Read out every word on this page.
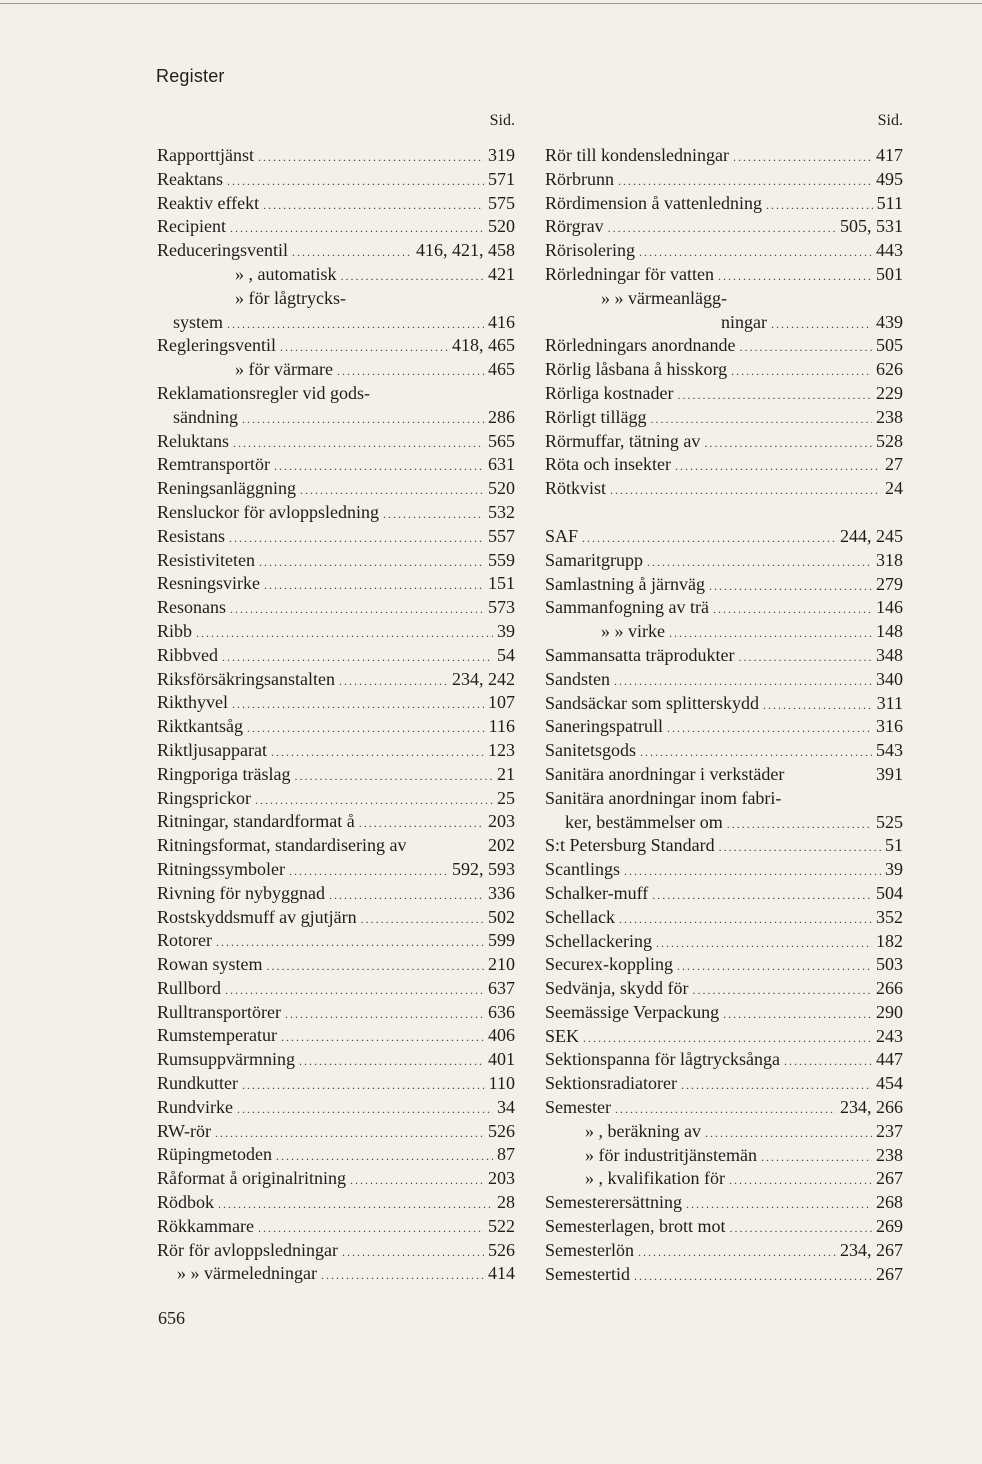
Register
Sid.
Rapporttjänst .....	319
Reaktans .....	571
Reaktiv effekt .....	575
Recipient .....	520
Reduceringsventil .....	416, 421, 458
» , automatisk .....	421
» för lågtrycks-
system .....	416
Regleringsventil .....	418, 465
» för värmare .....	465
Reklamationsregler vid gods-
sändning .....	286
Reluktans .....	565
Remtransportör .....	631
Reningsanläggning .....	520
Rensluckor för avloppsledning .....	532
Resistans .....	557
Resistiviteten .....	559
Resningsvirke .....	151
Resonans .....	573
Ribb .....	39
Ribbved .....	54
Riksförsäkringsanstalten .....	234, 242
Rikthyvel .....	107
Riktkantsåg .....	116
Riktljusapparat .....	123
Ringporiga träslag .....	21
Ringsprickor .....	25
Ritningar, standardformat å .....	203
Ritningsformat, standardisering av	202
Ritningssymboler .....	592, 593
Rivning för nybyggnad .....	336
Rostskyddsmuff av gjutjärn .....	502
Rotorer .....	599
Rowan system .....	210
Rullbord .....	637
Rulltransportörer .....	636
Rumstemperatur .....	406
Rumsuppvärmning .....	401
Rundkutter .....	110
Rundvirke .....	34
RW-rör .....	526
Rüpingmetoden .....	87
Råformat å originalritning .....	203
Rödbok .....	28
Rökkammare .....	522
Rör för avloppsledningar .....	526
» » värmeledningar .....	414
Sid.
Rör till kondensledningar .....	417
Rörbrunn .....	495
Rördimension å vattenledning .....	511
Rörgrav .....	505, 531
Rörisolering .....	443
Rörledningar för vatten .....	501
» » värmeanlägg-
ningar .....	439
Rörledningars anordnande .....	505
Rörlig låsbana å hisskorg .....	626
Rörliga kostnader .....	229
Rörligt tillägg .....	238
Rörmuffar, tätning av .....	528
Röta och insekter .....	27
Rötkvist .....	24
SAF .....	244, 245
Samaritgrupp .....	318
Samlastning å järnväg .....	279
Sammanfogning av trä .....	146
» » virke .....	148
Sammansatta träprodukter .....	348
Sandsten .....	340
Sandsäckar som splitterskydd .....	311
Saneringspatrull .....	316
Sanitetsgods .....	543
Sanitära anordningar i verkstäder	391
Sanitära anordningar inom fabri-
ker, bestämmelser om .....	525
S:t Petersburg Standard .....	51
Scantlings .....	39
Schalker-muff .....	504
Schellack .....	352
Schellackering .....	182
Securex-koppling .....	503
Sedvänja, skydd för .....	266
Seemässige Verpackung .....	290
SEK .....	243
Sektionspanna för lågtrycksånga .....	447
Sektionsradiatorer .....	454
Semester .....	234, 266
» , beräkning av .....	237
» för industritjänstemän .....	238
» , kvalifikation för .....	267
Semesterersättning .....	268
Semesterlagen, brott mot .....	269
Semesterlön .....	234, 267
Semestertid .....	267
656
